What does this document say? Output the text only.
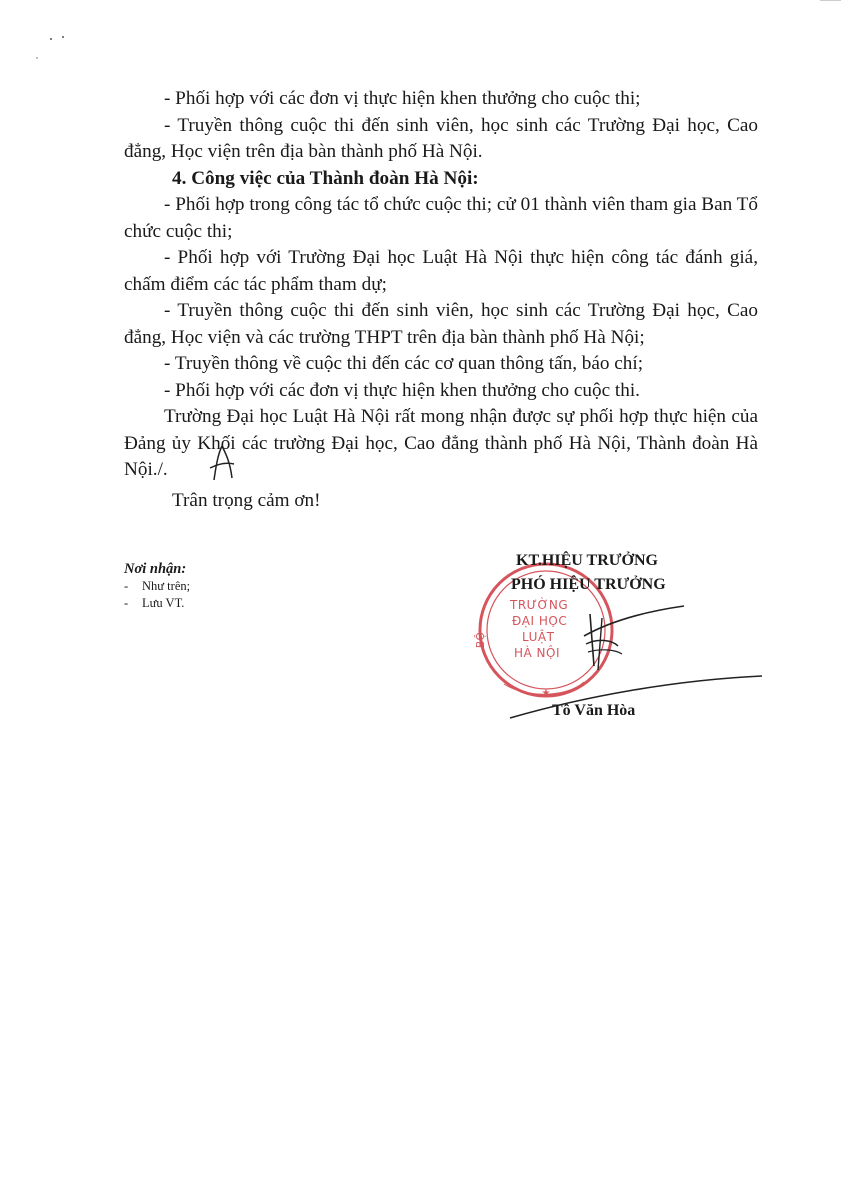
- Phối hợp với các đơn vị thực hiện khen thưởng cho cuộc thi;

- Truyền thông cuộc thi đến sinh viên, học sinh các Trường Đại học, Cao đẳng, Học viện trên địa bàn thành phố Hà Nội.

4. Công việc của Thành đoàn Hà Nội:

- Phối hợp trong công tác tổ chức cuộc thi; cử 01 thành viên tham gia Ban Tổ chức cuộc thi;

- Phối hợp với Trường Đại học Luật Hà Nội thực hiện công tác đánh giá, chấm điểm các tác phẩm tham dự;

- Truyền thông cuộc thi đến sinh viên, học sinh các Trường Đại học, Cao đẳng, Học viện và các trường THPT trên địa bàn thành phố Hà Nội;

- Truyền thông về cuộc thi đến các cơ quan thông tấn, báo chí;

- Phối hợp với các đơn vị thực hiện khen thưởng cho cuộc thi.

Trường Đại học Luật Hà Nội rất mong nhận được sự phối hợp thực hiện của Đảng ủy Khối các trường Đại học, Cao đẳng thành phố Hà Nội, Thành đoàn Hà Nội./.

Trân trọng cảm ơn!

Nơi nhận:
- Như trên;
- Lưu VT.
★
KT.HIỆU TRƯỞNG
PHÓ HIỆU TRƯỞNG
TRƯỜNG
ĐẠI HỌC
LUẬT
HÀ NỘI
BỘ
Tô Văn Hòa
